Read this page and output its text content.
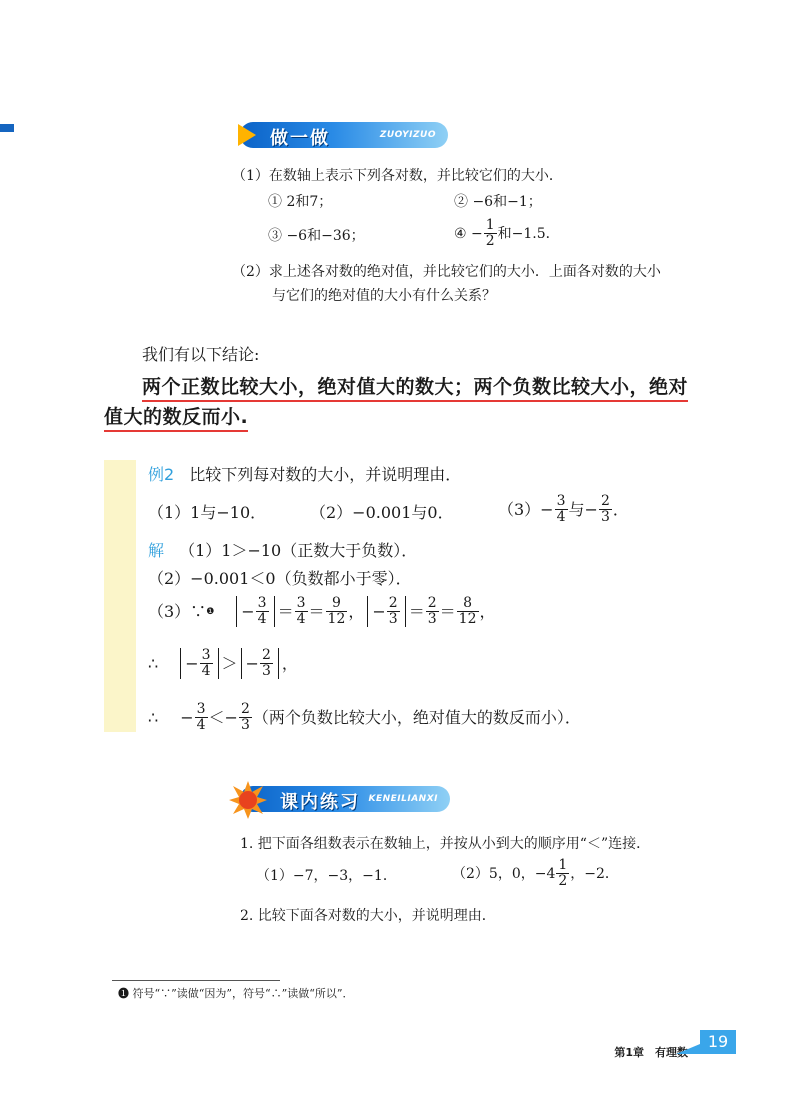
做一做	ZUOYIZUO
（1）在数轴上表示下列各对数，并比较它们的大小．
① 2和7；	② −6和−1；
③ −6和−36；	④ − $\frac{1}{2}$ 和−1.5．
（2）求上述各对数的绝对值，并比较它们的大小．上面各对数的大小
与它们的绝对值的大小有什么关系？
我们有以下结论:
两个正数比较大小，绝对值大的数大；两个负数比较大小，绝对
值大的数反而小.
例2 比较下列每对数的大小，并说明理由．
（1）1与−10．	（2）−0.001与0．	$(3)- \frac{3}{4}$ 与− $\frac{2}{3}$ ．
解 （1）1＞−10（正数大于负数）．
（2）−0.001＜0（负数都小于零）．
（3）∵ ❶ − $\frac{3}{4} = \frac{3}{4} = \frac{9}{12}$ ， − $\frac{2}{3} = \frac{2}{3} = \frac{8}{12}$ ，
∴ − $\frac{3}{4}$ ＞ − $\frac{2}{3}$ ，
∴ − $\frac{3}{4}$ ＜ − $\frac{2}{3}$ （两个负数比较大小，绝对值大的数反而小）．
课内练习 KENEILIANXI
1. 把下面各组数表示在数轴上，并按从小到大的顺序用“＜”连接．
（1）−7，−3，−1．	（2）5，0，$-4 \frac{1}{2}$ ，−2．
2. 比较下面各对数的大小，并说明理由．
❶ 符号“∵”读做“因为”，符号“∴”读做“所以”．
第1章　有理数
19
